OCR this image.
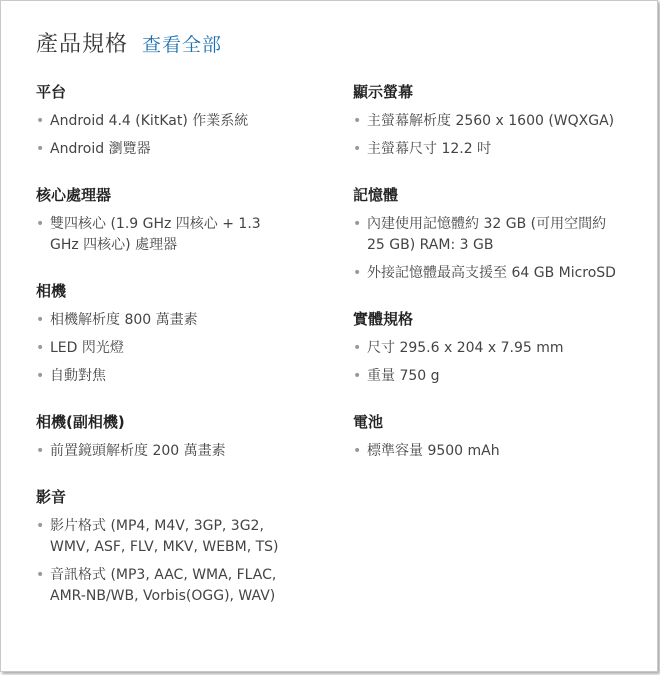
產品規格 查看全部
平台
• Android 4.4 (KitKat) 作業系統
• Android 瀏覽器
核心處理器
• 雙四核心 (1.9 GHz 四核心 + 1.3 GHz 四核心) 處理器
相機
• 相機解析度 800 萬畫素
• LED 閃光燈
• 自動對焦
相機(副相機)
• 前置鏡頭解析度 200 萬畫素
影音
• 影片格式 (MP4, M4V, 3GP, 3G2, WMV, ASF, FLV, MKV, WEBM, TS)
• 音訊格式 (MP3, AAC, WMA, FLAC, AMR-NB/WB, Vorbis(OGG), WAV)
顯示螢幕
• 主螢幕解析度 2560 x 1600 (WQXGA)
• 主螢幕尺寸 12.2 吋
記憶體
• 內建使用記憶體約 32 GB (可用空間約 25 GB) RAM: 3 GB
• 外接記憶體最高支援至 64 GB MicroSD
實體規格
• 尺寸 295.6 x 204 x 7.95 mm
• 重量 750 g
電池
• 標準容量 9500 mAh
